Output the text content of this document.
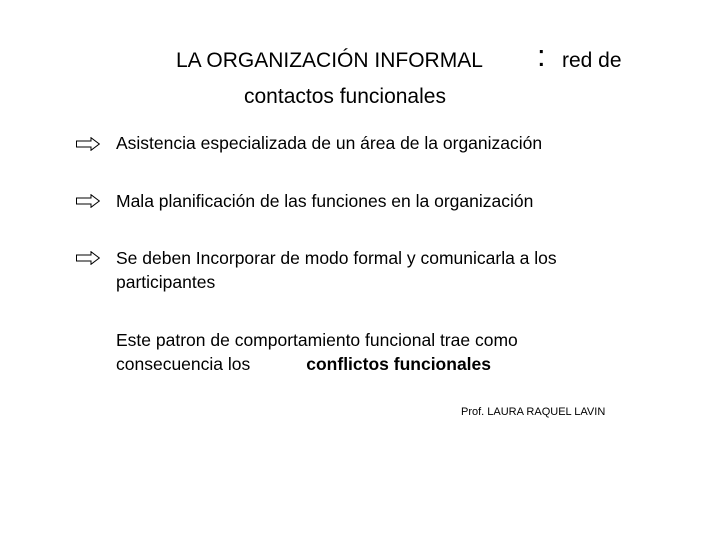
LA ORGANIZACIÓN INFORMAL : red de
contactos funcionales
Asistencia especializada de un área de la organización
Mala planificación de las funciones en la organización
Se deben Incorporar de modo formal y comunicarla a los
participantes
Este patron de comportamiento funcional trae como
consecuencia los	conflictos funcionales
Prof. LAURA RAQUEL LAVIN
